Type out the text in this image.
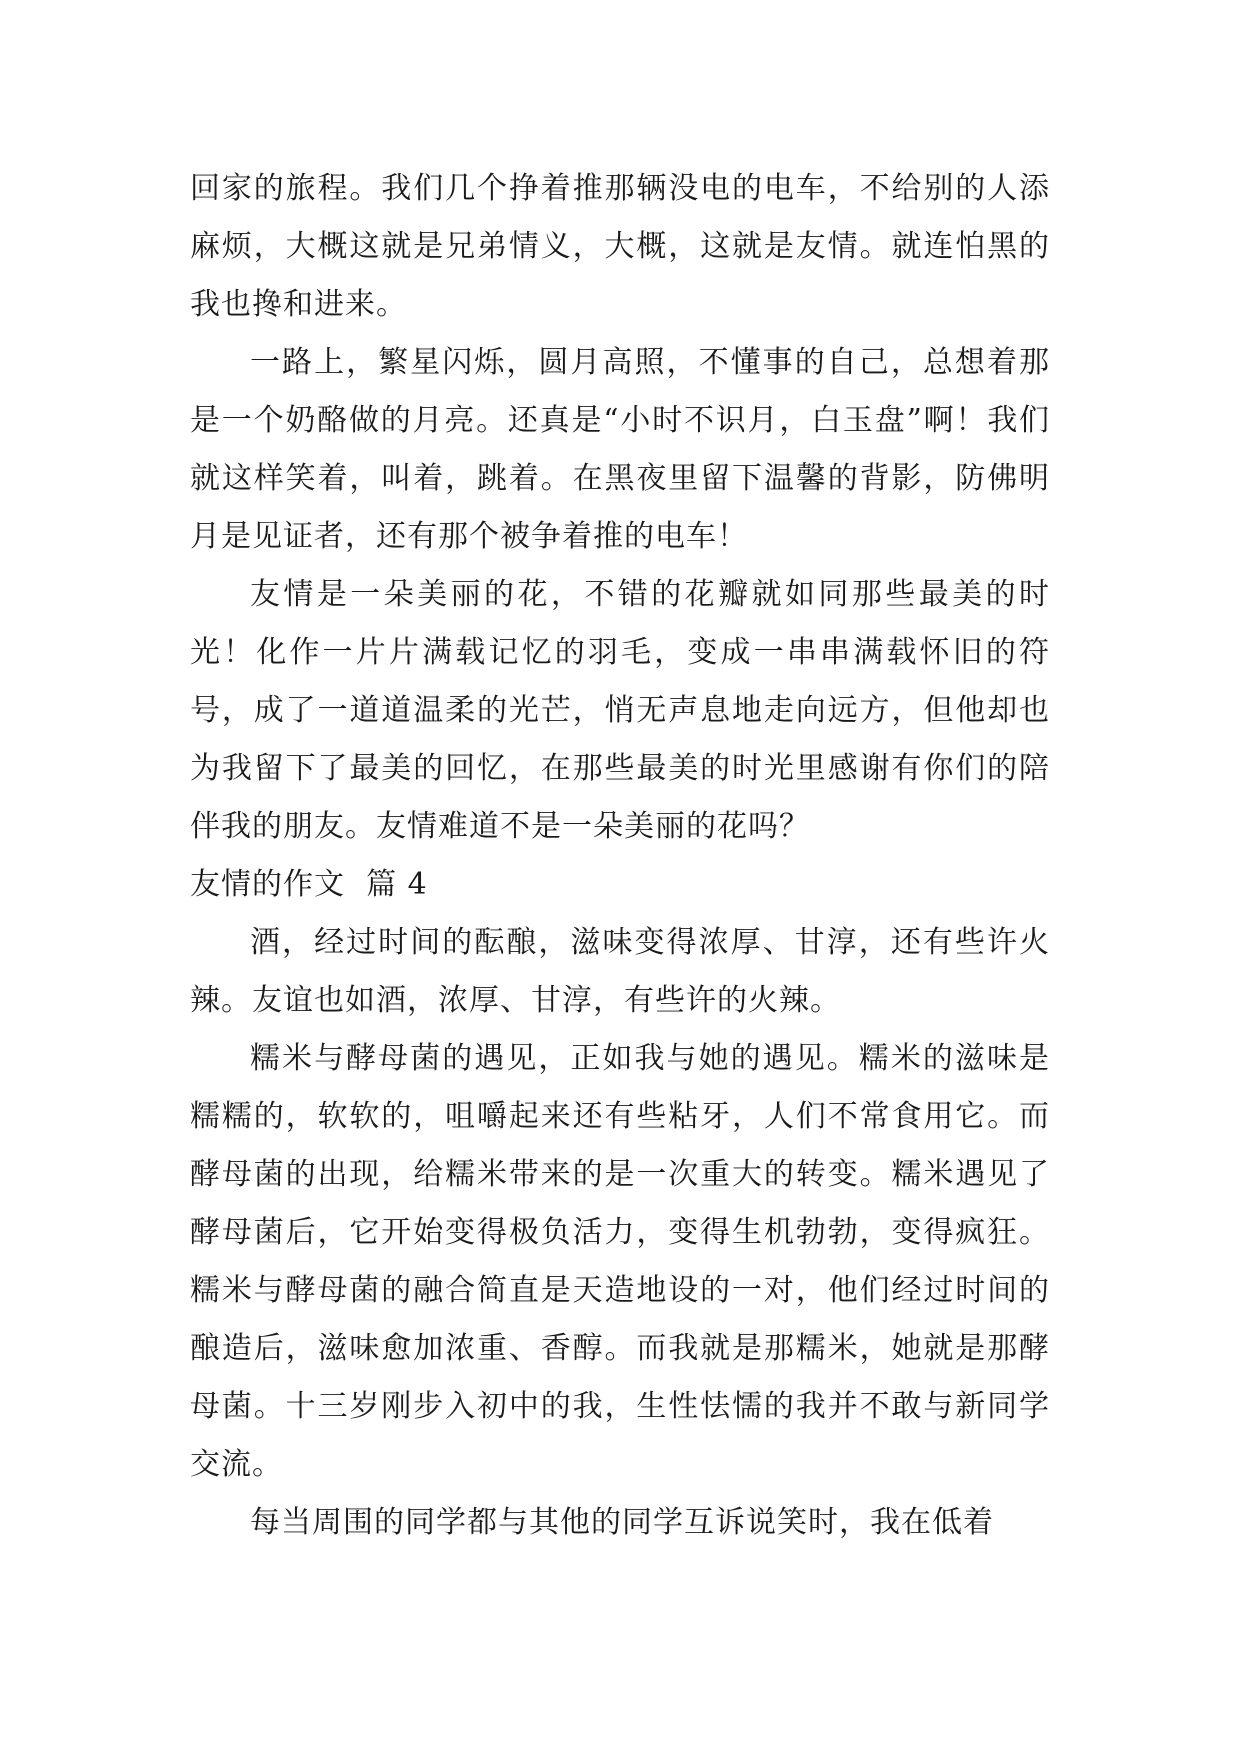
回家的旅程。我们几个挣着推那辆没电的电车，不给别的人添麻烦，大概这就是兄弟情义，大概，这就是友情。就连怕黑的我也搀和进来。

一路上，繁星闪烁，圆月高照，不懂事的自己，总想着那是一个奶酪做的月亮。还真是“小时不识月，白玉盘”啊！我们就这样笑着，叫着，跳着。在黑夜里留下温馨的背影，防佛明月是见证者，还有那个被争着推的电车！

友情是一朵美丽的花，不错的花瓣就如同那些最美的时光！化作一片片满载记忆的羽毛，变成一串串满载怀旧的符号，成了一道道温柔的光芒，悄无声息地走向远方，但他却也为我留下了最美的回忆，在那些最美的时光里感谢有你们的陪伴我的朋友。友情难道不是一朵美丽的花吗？

友情的作文  篇 4

酒，经过时间的酝酿，滋味变得浓厚、甘淳，还有些许火辣。友谊也如酒，浓厚、甘淳，有些许的火辣。

糯米与酵母菌的遇见，正如我与她的遇见。糯米的滋味是糯糯的，软软的，咀嚼起来还有些粘牙，人们不常食用它。而酵母菌的出现，给糯米带来的是一次重大的转变。糯米遇见了酵母菌后，它开始变得极负活力，变得生机勃勃，变得疯狂。糯米与酵母菌的融合简直是天造地设的一对，他们经过时间的酿造后，滋味愈加浓重、香醇。而我就是那糯米，她就是那酵母菌。十三岁刚步入初中的我，生性怯懦的我并不敢与新同学交流。

每当周围的同学都与其他的同学互诉说笑时，我在低着
